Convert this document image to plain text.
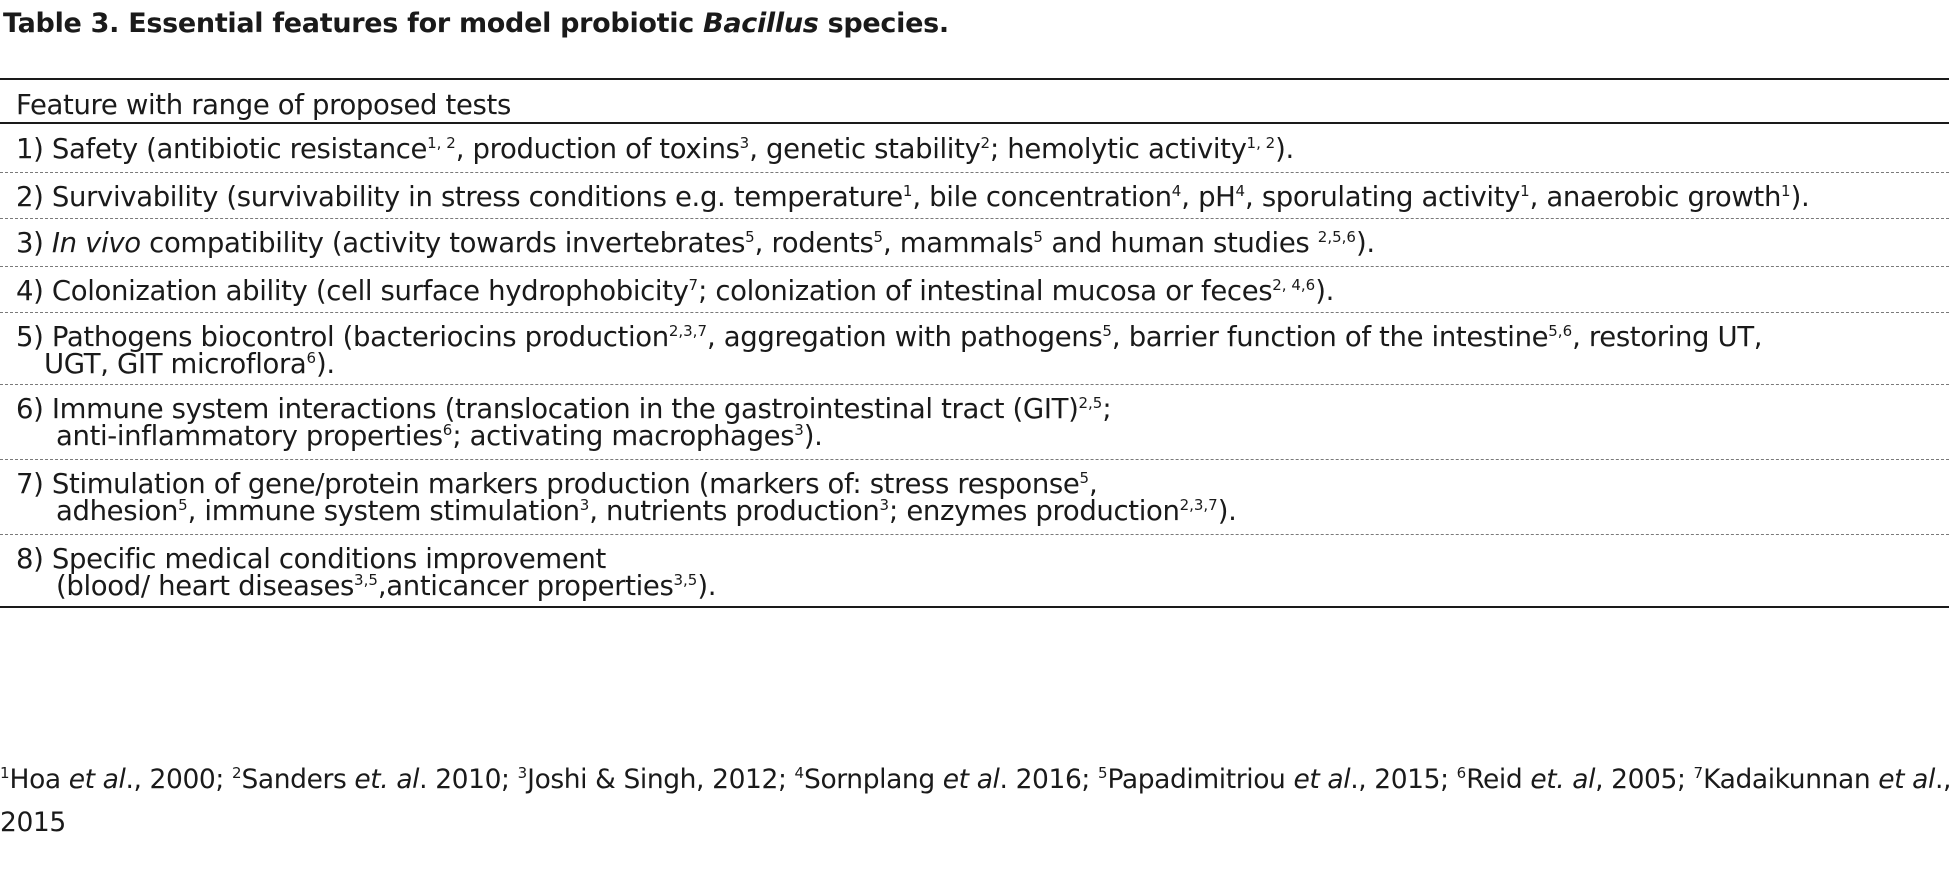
Table 3. Essential features for model probiotic Bacillus species.
Feature with range of proposed tests
1) Safety (antibiotic resistance$^{1, 2}$, production of toxins$^3$, genetic stability$^2$; hemolytic activity$^{1, 2}$).
2) Survivability (survivability in stress conditions e.g. temperature$^1$, bile concentration$^4$, $pH^4$, sporulating activity$^1$, anaerobic growth$^1$).
3) In vivo compatibility (activity towards invertebrates$^5$, rodents$^5$, mammals$^5$ and human studies $^{2,5,6}$).
4) Colonization ability (cell surface hydrophobicity$^7$; colonization of intestinal mucosa or feces$^{2, 4,6}$).
5) Pathogens biocontrol (bacteriocins production$^{2,3,7}$, aggregation with pathogens$^5$, barrier function of the intestine$^{5,6}$, restoring UT,
UGT, GIT microflora$^6$).
6) Immune system interactions (translocation in the gastrointestinal tract (GIT)$^{2,5}$;
anti-inflammatory properties$^6$; activating macrophages$^3$).
7) Stimulation of gene/protein markers production (markers of: stress response$^5$,
adhesion$^5$, immune system stimulation$^3$, nutrients production$^3$; enzymes production$^{2,3,7}$).
8) Specific medical conditions improvement
(blood/ heart diseases$^{3,5}$,anticancer properties$^{3,5}$).
$^1$Hoa et al., 2000; $^2$Sanders et. al. 2010; $^3$Joshi & Singh, 2012; $^4$Sornplang et al. 2016; $^5$Papadimitriou et al., 2015; $^6$Reid et. al, 2005; $^7$Kadaikunnan et al.,
2015
